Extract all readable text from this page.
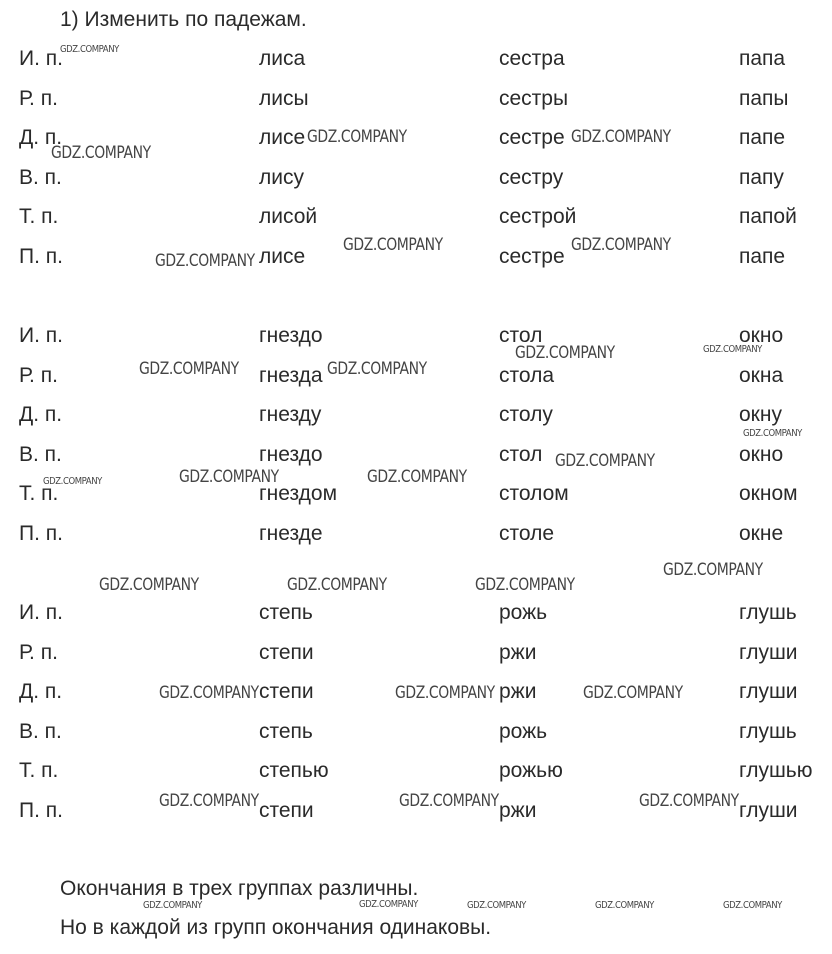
1) Изменить по падежам.
И. п.	лиса	сестра	папа
Р. п.	лисы	сестры	папы
Д. п.	лисе	сестре	папе
В. п.	лису	сестру	папу
Т. п.	лисой	сестрой	папой
П. п.	лисе	сестре	папе
И. п.	гнездо	стол	окно
Р. п.	гнезда	стола	окна
Д. п.	гнезду	столу	окну
В. п.	гнездо	стол	окно
Т. п.	гнездом	столом	окном
П. п.	гнезде	столе	окне
И. п.	степь	рожь	глушь
Р. п.	степи	ржи	глуши
Д. п.	степи	ржи	глуши
В. п.	степь	рожь	глушь
Т. п.	степью	рожью	глушью
П. п.	степи	ржи	глуши
Окончания в трех группах различны.
Но в каждой из групп окончания одинаковы.
GDZ.COMPANY
GDZ.COMPANY	GDZ.COMPANY
GDZ.COMPANY
GDZ.COMPANY	GDZ.COMPANY
GDZ.COMPANY
GDZ.COMPANY	GDZ.COMPANY
GDZ.COMPANY	GDZ.COMPANY
GDZ.COMPANY
GDZ.COMPANY
GDZ.COMPANY	GDZ.COMPANY
GDZ.COMPANY
GDZ.COMPANY
GDZ.COMPANY	GDZ.COMPANY	GDZ.COMPANY
GDZ.COMPANY	GDZ.COMPANY	GDZ.COMPANY
GDZ.COMPANY	GDZ.COMPANY	GDZ.COMPANY
GDZ.COMPANY	GDZ.COMPANY	GDZ.COMPANY	GDZ.COMPANY	GDZ.COMPANY
